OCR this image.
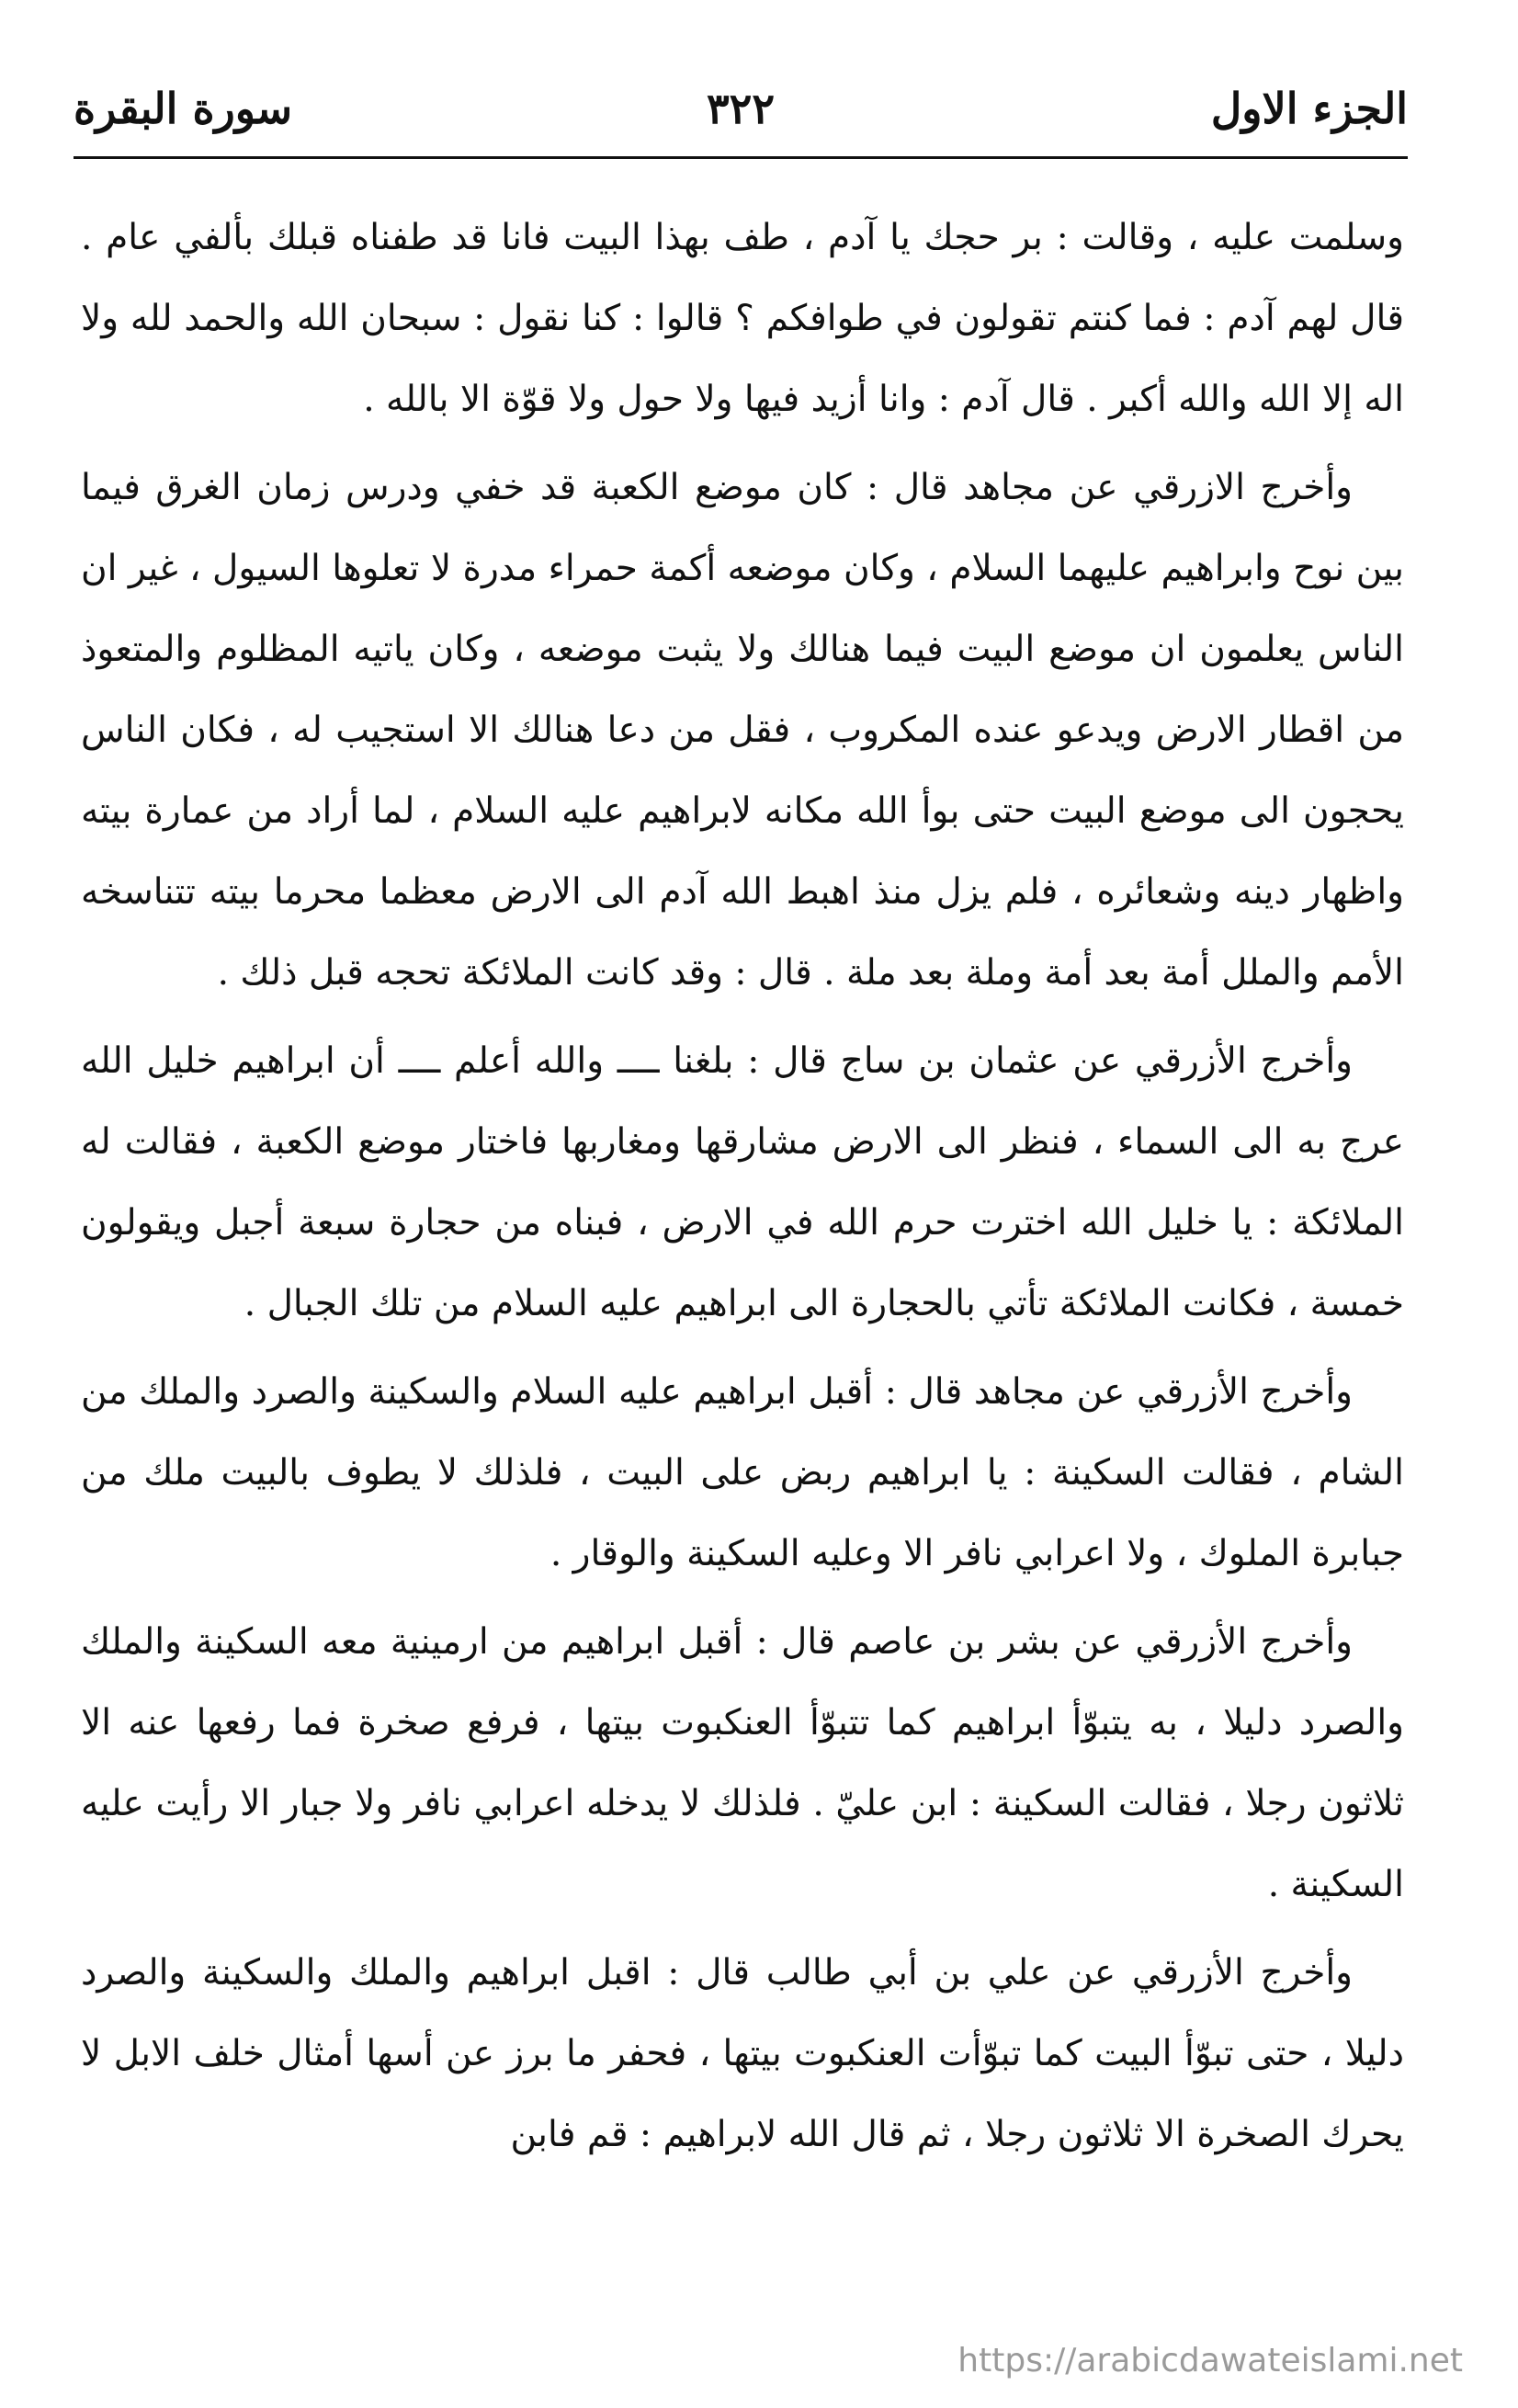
الجزء الاول
٣٢٢
سورة البقرة

وسلمت عليه ، وقالت : بر حجك يا آدم ، طف بهذا البيت فانا قد طفناه قبلك بألفي عام . قال لهم آدم : فما كنتم تقولون في طوافكم ؟ قالوا : كنا نقول : سبحان الله والحمد لله ولا اله إلا الله والله أكبر . قال آدم : وانا أزيد فيها ولا حول ولا قوّة الا بالله .

وأخرج الازرقي عن مجاهد قال : كان موضع الكعبة قد خفي ودرس زمان الغرق فيما بين نوح وابراهيم عليهما السلام ، وكان موضعه أكمة حمراء مدرة لا تعلوها السيول ، غير ان الناس يعلمون ان موضع البيت فيما هنالك ولا يثبت موضعه ، وكان ياتيه المظلوم والمتعوذ من اقطار الارض ويدعو عنده المكروب ، فقل من دعا هنالك الا استجيب له ، فكان الناس يحجون الى موضع البيت حتى بوأ الله مكانه لابراهيم عليه السلام ، لما أراد من عمارة بيته واظهار دينه وشعائره ، فلم يزل منذ اهبط الله آدم الى الارض معظما محرما بيته تتناسخه الأمم والملل أمة بعد أمة وملة بعد ملة . قال : وقد كانت الملائكة تحجه قبل ذلك .

وأخرج الأزرقي عن عثمان بن ساج قال : بلغنا ــــ والله أعلم ــــ أن ابراهيم خليل الله عرج به الى السماء ، فنظر الى الارض مشارقها ومغاربها فاختار موضع الكعبة ، فقالت له الملائكة : يا خليل الله اخترت حرم الله في الارض ، فبناه من حجارة سبعة أجبل ويقولون خمسة ، فكانت الملائكة تأتي بالحجارة الى ابراهيم عليه السلام من تلك الجبال .

وأخرج الأزرقي عن مجاهد قال : أقبل ابراهيم عليه السلام والسكينة والصرد والملك من الشام ، فقالت السكينة : يا ابراهيم ربض على البيت ، فلذلك لا يطوف بالبيت ملك من جبابرة الملوك ، ولا اعرابي نافر الا وعليه السكينة والوقار .

وأخرج الأزرقي عن بشر بن عاصم قال : أقبل ابراهيم من ارمينية معه السكينة والملك والصرد دليلا ، به يتبوّأ ابراهيم كما تتبوّأ العنكبوت بيتها ، فرفع صخرة فما رفعها عنه الا ثلاثون رجلا ، فقالت السكينة : ابن عليّ . فلذلك لا يدخله اعرابي نافر ولا جبار الا رأيت عليه السكينة .

وأخرج الأزرقي عن علي بن أبي طالب قال : اقبل ابراهيم والملك والسكينة والصرد دليلا ، حتى تبوّأ البيت كما تبوّأت العنكبوت بيتها ، فحفر ما برز عن أسها أمثال خلف الابل لا يحرك الصخرة الا ثلاثون رجلا ، ثم قال الله لابراهيم : قم فابن

https://arabicdawateislami.net
